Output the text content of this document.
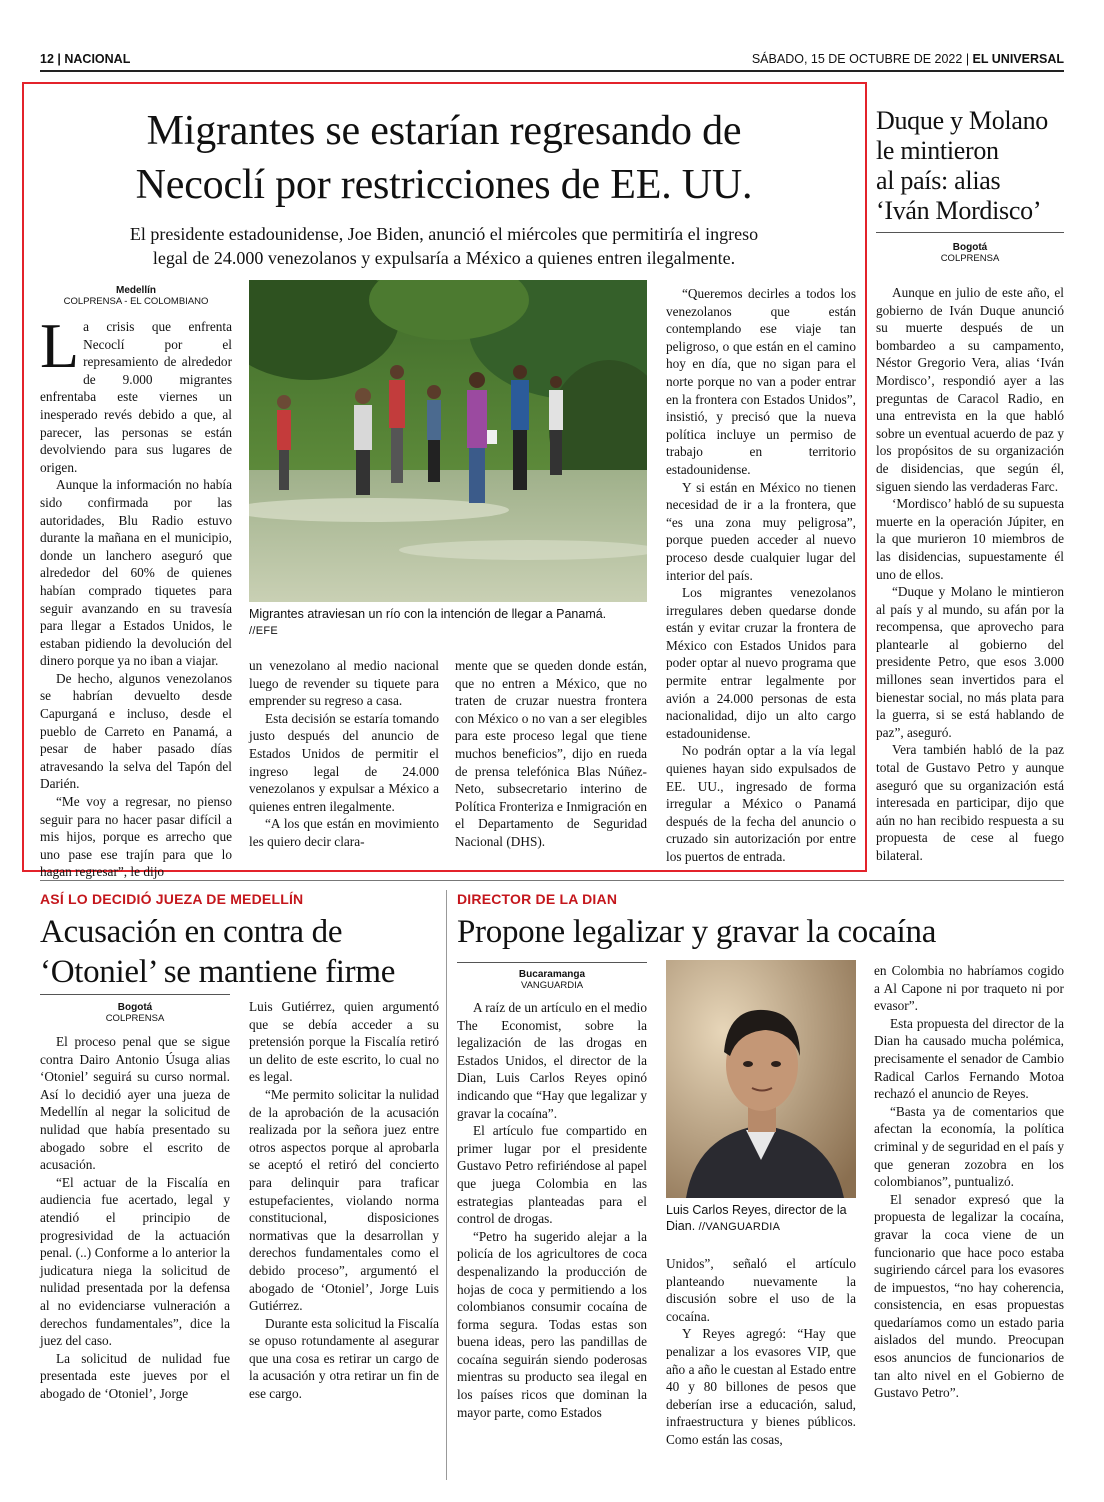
12 | NACIONAL	SÁBADO, 15 DE OCTUBRE DE 2022 | EL UNIVERSAL
Migrantes se estarían regresando de
Necoclí por restricciones de EE. UU.
El presidente estadounidense, Joe Biden, anunció el miércoles que permitiría el ingreso
legal de 24.000 venezolanos y expulsaría a México a quienes entren ilegalmente.
Medellín
COLPRENSA - EL COLOMBIANO

La crisis que enfrenta Necoclí por el represamiento de alrededor de 9.000 migrantes enfrentaba este viernes un inesperado revés debido a que, al parecer, las personas se están devolviendo para sus lugares de origen.

Aunque la información no había sido confirmada por las autoridades, Blu Radio estuvo durante la mañana en el municipio, donde un lanchero aseguró que alrededor del 60% de quienes habían comprado tiquetes para seguir avanzando en su travesía para llegar a Estados Unidos, le estaban pidiendo la devolución del dinero porque ya no iban a viajar.

De hecho, algunos venezolanos se habrían devuelto desde Capurganá e incluso, desde el pueblo de Carreto en Panamá, a pesar de haber pasado días atravesando la selva del Tapón del Darién.

“Me voy a regresar, no pienso seguir para no hacer pasar difícil a mis hijos, porque es arrecho que uno pase ese trajín para que lo hagan regresar”, le dijo

Migrantes atraviesan un río con la intención de llegar a Panamá.
//EFE

un venezolano al medio nacional luego de revender su tiquete para emprender su regreso a casa.

Esta decisión se estaría tomando justo después del anuncio de Estados Unidos de permitir el ingreso legal de 24.000 venezolanos y expulsar a México a quienes entren ilegalmente.

“A los que están en movimiento les quiero decir clara-

mente que se queden donde están, que no entren a México, que no traten de cruzar nuestra frontera con México o no van a ser elegibles para este proceso legal que tiene muchos beneficios”, dijo en rueda de prensa telefónica Blas Núñez-Neto, subsecretario interino de Política Fronteriza e Inmigración en el Departamento de Seguridad Nacional (DHS).

“Queremos decirles a todos los venezolanos que están contemplando ese viaje tan peligroso, o que están en el camino hoy en día, que no sigan para el norte porque no van a poder entrar en la frontera con Estados Unidos”, insistió, y precisó que la nueva política incluye un permiso de trabajo en territorio estadounidense.

Y si están en México no tienen necesidad de ir a la frontera, que “es una zona muy peligrosa”, porque pueden acceder al nuevo proceso desde cualquier lugar del interior del país.

Los migrantes venezolanos irregulares deben quedarse donde están y evitar cruzar la frontera de México con Estados Unidos para poder optar al nuevo programa que permite entrar legalmente por avión a 24.000 personas de esta nacionalidad, dijo un alto cargo estadounidense.

No podrán optar a la vía legal quienes hayan sido expulsados de EE. UU., ingresado de forma irregular a México o Panamá después de la fecha del anuncio o cruzado sin autorización por entre los puertos de entrada.

Duque y Molano
le mintieron
al país: alias
‘Iván Mordisco’
Bogotá
COLPRENSA

Aunque en julio de este año, el gobierno de Iván Duque anunció su muerte después de un bombardeo a su campamento, Néstor Gregorio Vera, alias ‘Iván Mordisco’, respondió ayer a las preguntas de Caracol Radio, en una entrevista en la que habló sobre un eventual acuerdo de paz y los propósitos de su organización de disidencias, que según él, siguen siendo las verdaderas Farc.

‘Mordisco’ habló de su supuesta muerte en la operación Júpiter, en la que murieron 10 miembros de las disidencias, supuestamente él uno de ellos.

“Duque y Molano le mintieron al país y al mundo, su afán por la recompensa, que aprovecho para plantearle al gobierno del presidente Petro, que esos 3.000 millones sean invertidos para el bienestar social, no más plata para la guerra, si se está hablando de paz”, aseguró.

Vera también habló de la paz total de Gustavo Petro y aunque aseguró que su organización está interesada en participar, dijo que aún no han recibido respuesta a su propuesta de cese al fuego bilateral.

ASÍ LO DECIDIÓ JUEZA DE MEDELLÍN
Acusación en contra de
‘Otoniel’ se mantiene firme
Bogotá
COLPRENSA

El proceso penal que se sigue contra Dairo Antonio Úsuga alias ‘Otoniel’ seguirá su curso normal. Así lo decidió ayer una jueza de Medellín al negar la solicitud de nulidad que había presentado su abogado sobre el escrito de acusación.

“El actuar de la Fiscalía en audiencia fue acertado, legal y atendió el principio de progresividad de la actuación penal. (..) Conforme a lo anterior la judicatura niega la solicitud de nulidad presentada por la defensa al no evidenciarse vulneración a derechos fundamentales”, dice la juez del caso.

La solicitud de nulidad fue presentada este jueves por el abogado de ‘Otoniel’, Jorge

Luis Gutiérrez, quien argumentó que se debía acceder a su pretensión porque la Fiscalía retiró un delito de este escrito, lo cual no es legal.

“Me permito solicitar la nulidad de la aprobación de la acusación realizada por la señora juez entre otros aspectos porque al aprobarla se aceptó el retiró del concierto para delinquir para traficar estupefacientes, violando norma constitucional, disposiciones normativas que la desarrollan y derechos fundamentales como el debido proceso”, argumentó el abogado de ‘Otoniel’, Jorge Luis Gutiérrez.

Durante esta solicitud la Fiscalía se opuso rotundamente al asegurar que una cosa es retirar un cargo de la acusación y otra retirar un fin de ese cargo.

DIRECTOR DE LA DIAN
Propone legalizar y gravar la cocaína
Bucaramanga
VANGUARDIA

A raíz de un artículo en el medio The Economist, sobre la legalización de las drogas en Estados Unidos, el director de la Dian, Luis Carlos Reyes opinó indicando que “Hay que legalizar y gravar la cocaína”.

El artículo fue compartido en primer lugar por el presidente Gustavo Petro refiriéndose al papel que juega Colombia en las estrategias planteadas para el control de drogas.

“Petro ha sugerido alejar a la policía de los agricultores de coca despenalizando la producción de hojas de coca y permitiendo a los colombianos consumir cocaína de forma segura. Todas estas son buena ideas, pero las pandillas de cocaína seguirán siendo poderosas mientras su producto sea ilegal en los países ricos que dominan la mayor parte, como Estados

Luis Carlos Reyes, director de la Dian. //VANGUARDIA

Unidos”, señaló el artículo planteando nuevamente la discusión sobre el uso de la cocaína.

Y Reyes agregó: “Hay que penalizar a los evasores VIP, que año a año le cuestan al Estado entre 40 y 80 billones de pesos que deberían irse a educación, salud, infraestructura y bienes públicos. Como están las cosas,

en Colombia no habríamos cogido a Al Capone ni por traqueto ni por evasor”.

Esta propuesta del director de la Dian ha causado mucha polémica, precisamente el senador de Cambio Radical Carlos Fernando Motoa rechazó el anuncio de Reyes.

“Basta ya de comentarios que afectan la economía, la política criminal y de seguridad en el país y que generan zozobra en los colombianos”, puntualizó.

El senador expresó que la propuesta de legalizar la cocaína, gravar la coca viene de un funcionario que hace poco estaba sugiriendo cárcel para los evasores de impuestos, “no hay coherencia, consistencia, en esas propuestas quedaríamos como un estado paria aislados del mundo. Preocupan esos anuncios de funcionarios de tan alto nivel en el Gobierno de Gustavo Petro”.
